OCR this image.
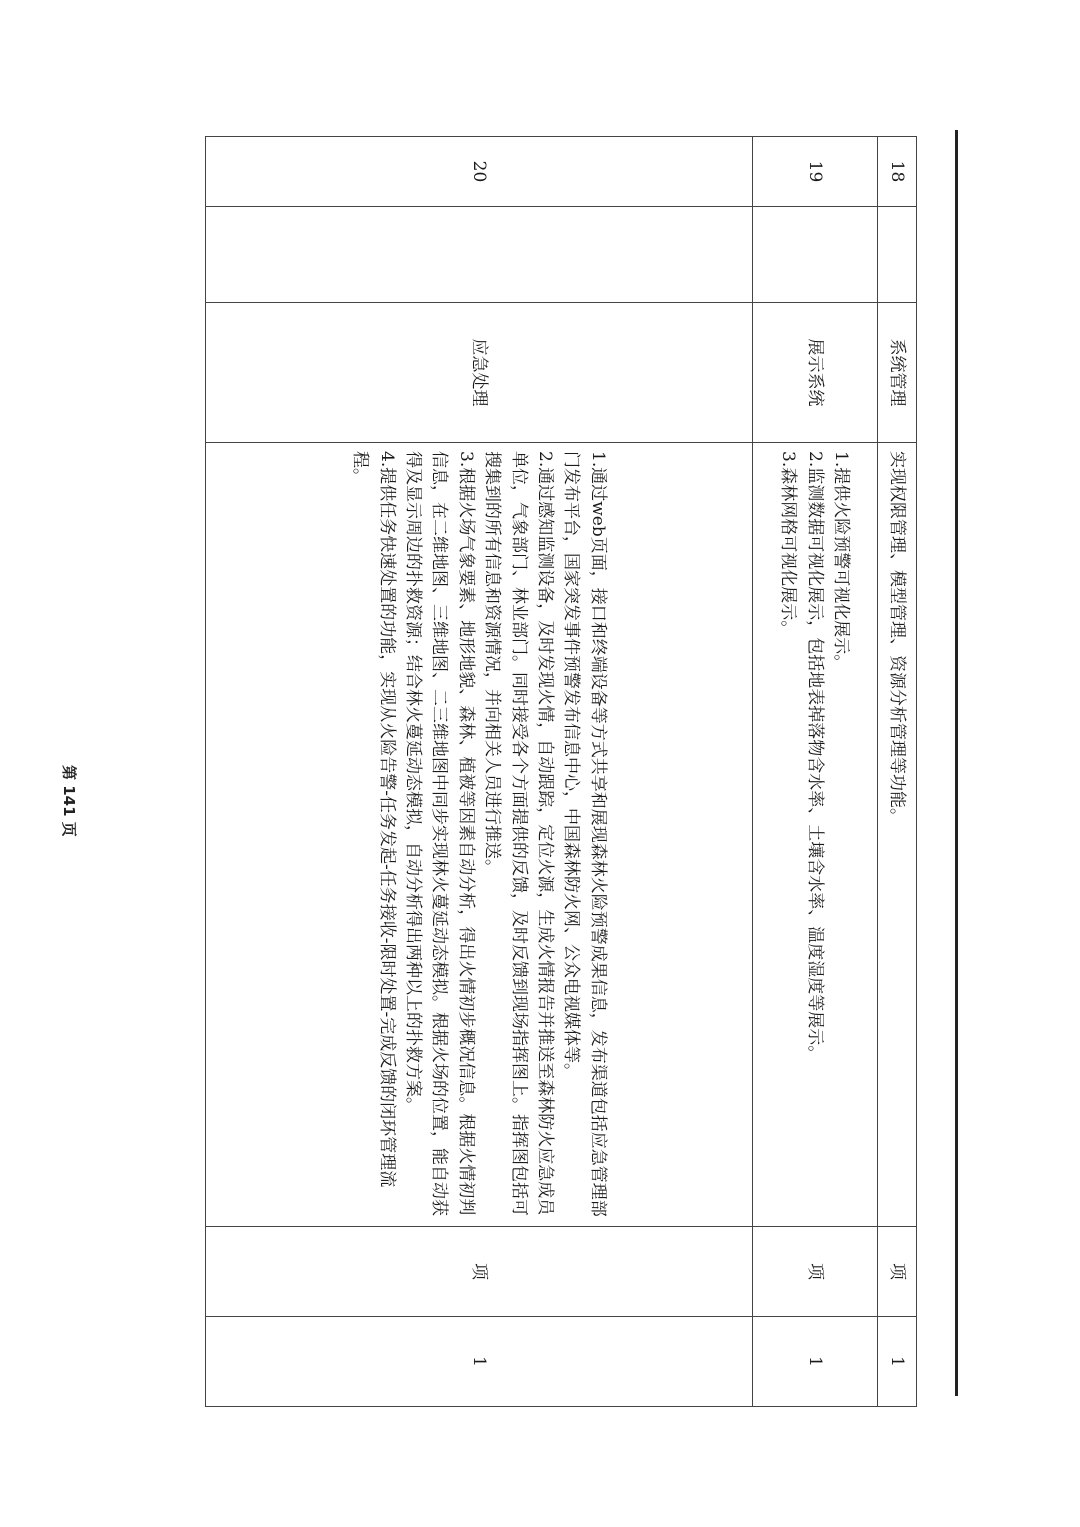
18		系统管理	实现权限管理、模型管理、资源分析管理等功能。	项	1
19		展示系统	1.提供火险预警可视化展示。

2.监测数据可视化展示，包括地表掉落物含水率、土壤含水率、温度湿度等展示。

3.森林网格可视化展示。	项	1
20		应急处理	1.通过web页面，接口和终端设备等方式共享和展现森林火险预警成果信息，发布渠道包括应急管理部门发布平台，国家突发事件预警发布信息中心，中国森林防火网、公众电视媒体等。

2.通过感知监测设备，及时发现火情，自动跟踪，定位火源，生成火情报告并推送至森林防火应急成员单位，气象部门、林业部门。同时接受各个方面提供的反馈，及时反馈到现场指挥图上。指挥图包括可搜集到的所有信息和资源情况，并向相关人员进行推送。

3.根据火场气象要素、地形地貌、森林、植被等因素自动分析，得出火情初步概况信息。根据火情初判信息，在二维地图、三维地图、二三维地图中同步实现林火蔓延动态模拟。根据火场的位置，能自动获得及显示周边的扑救资源；结合林火蔓延动态模拟，自动分析得出两种以上的扑救方案。

4.提供任务快速处置的功能，实现从火险告警-任务发起-任务接收-限时处置-完成反馈的闭环管理流程。	项	1
第 141 页
